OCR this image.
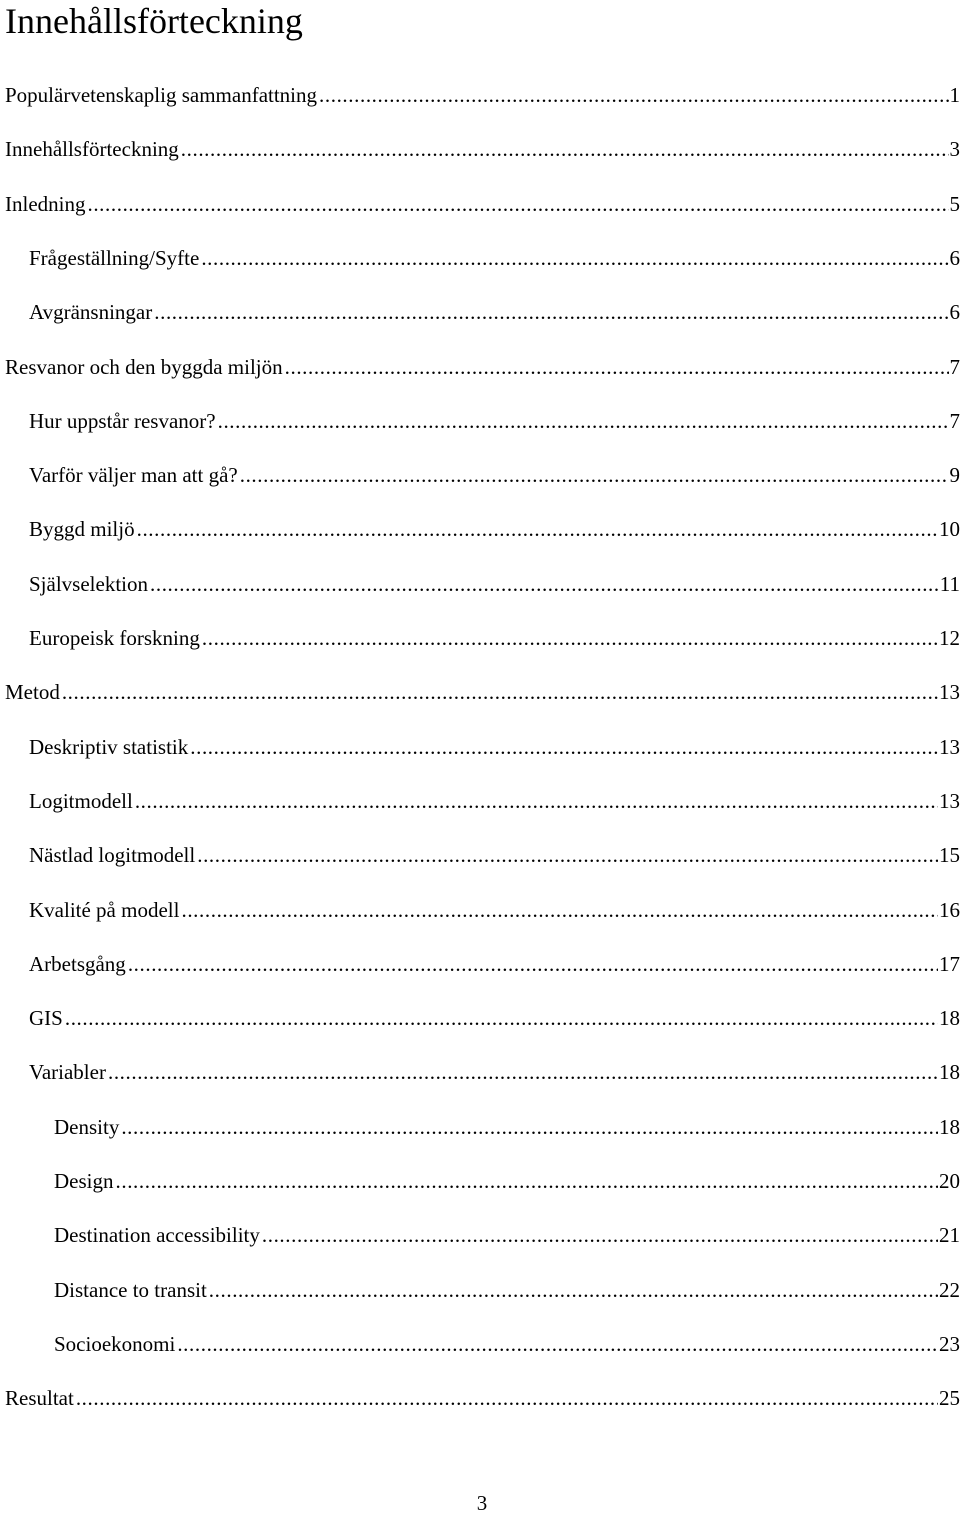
Innehållsförteckning
Populärvetenskaplig sammanfattning .....	1
Innehållsförteckning .....	3
Inledning .....	5
Frågeställning/Syfte .....	6
Avgränsningar .....	6
Resvanor och den byggda miljön .....	7
Hur uppstår resvanor? .....	7
Varför väljer man att gå? .....	9
Byggd miljö .....	10
Självselektion .....	11
Europeisk forskning .....	12
Metod .....	13
Deskriptiv statistik .....	13
Logitmodell .....	13
Nästlad logitmodell .....	15
Kvalité på modell .....	16
Arbetsgång .....	17
GIS .....	18
Variabler .....	18
Density .....	18
Design .....	20
Destination accessibility .....	21
Distance to transit .....	22
Socioekonomi .....	23
Resultat .....	25
3
